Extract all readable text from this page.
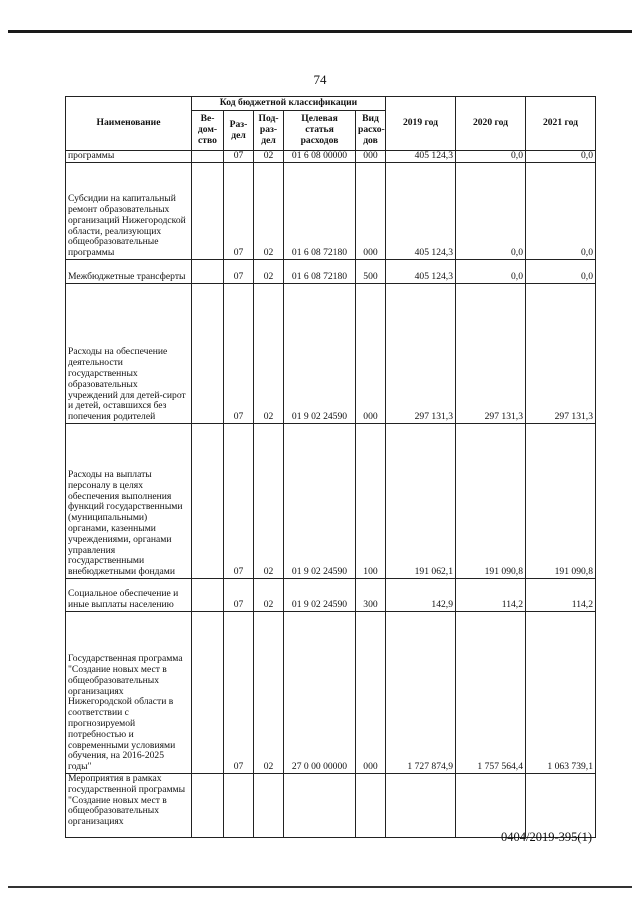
74
Наименование	Код бюджетной классификации					2019 год	2020 год	2021 год
	Ве-дом-ство	Раз-дел	Под-раз-дел	Целевая статья расходов	Вид расхо-дов			
программы		07	02	01 6 08 00000	000	405 124,3	0,0	0,0
Субсидии на капитальный ремонт образовательных организаций Нижегородской области, реализующих общеобразовательные программы		07	02	01 6 08 72180	000	405 124,3	0,0	0,0
Межбюджетные трансферты		07	02	01 6 08 72180	500	405 124,3	0,0	0,0
Расходы на обеспечение деятельности государственных образовательных учреждений для детей-сирот и детей, оставшихся без попечения родителей		07	02	01 9 02 24590	000	297 131,3	297 131,3	297 131,3
Расходы на выплаты персоналу в целях обеспечения выполнения функций государственными (муниципальными) органами, казенными учреждениями, органами управления государственными внебюджетными фондами		07	02	01 9 02 24590	100	191 062,1	191 090,8	191 090,8
Социальное обеспечение и иные выплаты населению		07	02	01 9 02 24590	300	142,9	114,2	114,2
Государственная программа "Создание новых мест в общеобразовательных организациях Нижегородской области в соответствии с прогнозируемой потребностью и современными условиями обучения, на 2016-2025 годы"		07	02	27 0 00 00000	000	1 727 874,9	1 757 564,4	1 063 739,1
Мероприятия в рамках государственной программы "Создание новых мест в общеобразовательных организациях								
0404/2019-395(1)
